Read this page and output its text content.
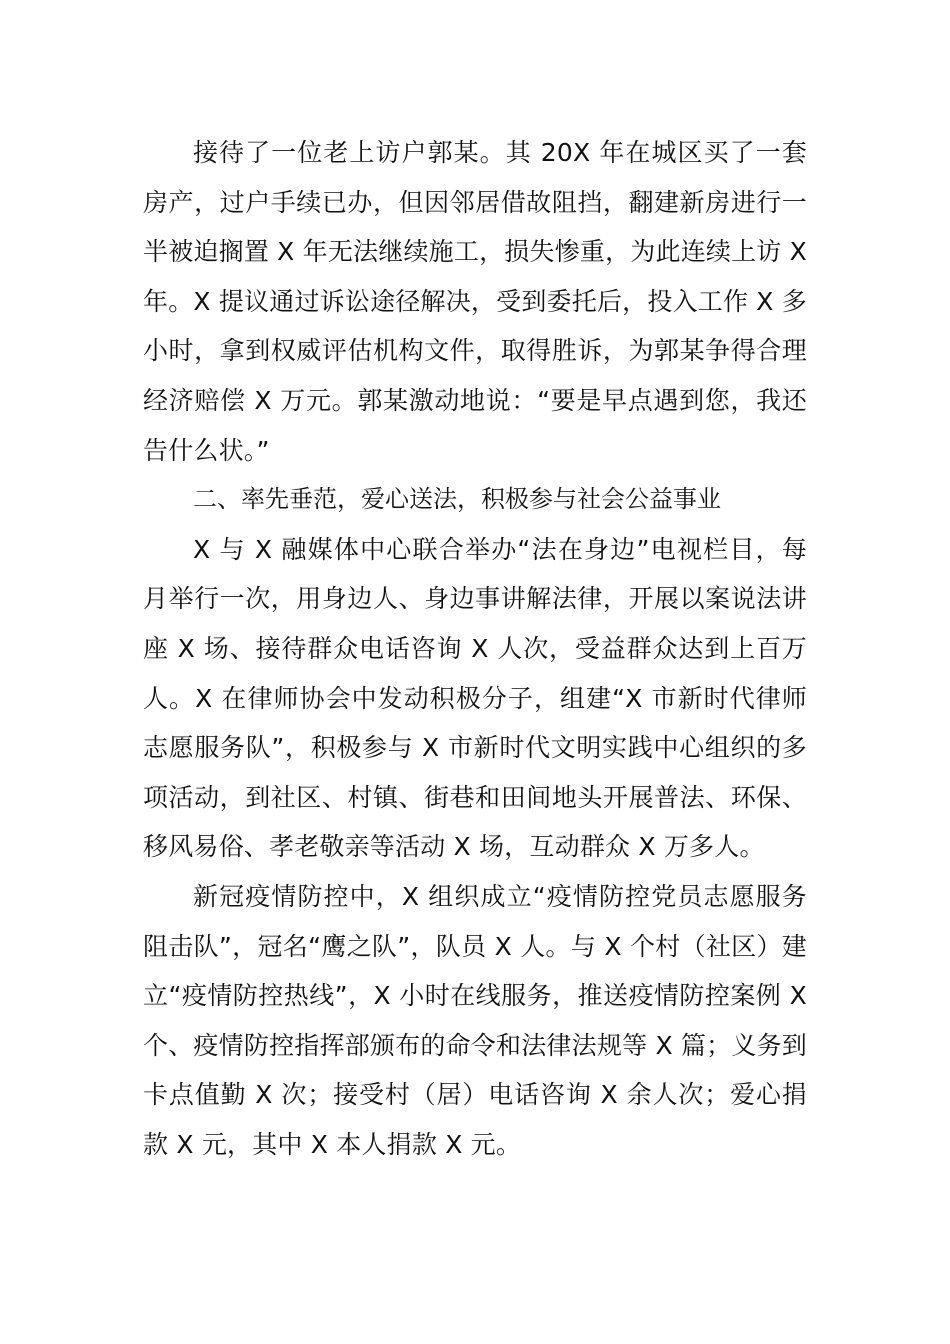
接待了一位老上访户郭某。其 20X 年在城区买了一套房产，过户手续已办，但因邻居借故阻挡，翻建新房进行一半被迫搁置 X 年无法继续施工，损失惨重，为此连续上访 X 年。X 提议通过诉讼途径解决，受到委托后，投入工作 X 多小时，拿到权威评估机构文件，取得胜诉，为郭某争得合理经济赔偿 X 万元。郭某激动地说：“要是早点遇到您，我还告什么状。”

二、率先垂范，爱心送法，积极参与社会公益事业

X 与 X 融媒体中心联合举办“法在身边”电视栏目，每月举行一次，用身边人、身边事讲解法律，开展以案说法讲座 X 场、接待群众电话咨询 X 人次，受益群众达到上百万人。X 在律师协会中发动积极分子，组建“X 市新时代律师志愿服务队”，积极参与 X 市新时代文明实践中心组织的多项活动，到社区、村镇、街巷和田间地头开展普法、环保、移风易俗、孝老敬亲等活动 X 场，互动群众 X 万多人。

新冠疫情防控中，X 组织成立“疫情防控党员志愿服务阻击队”，冠名“鹰之队”，队员 X 人。与 X 个村（社区）建立“疫情防控热线”，X 小时在线服务，推送疫情防控案例 X 个、疫情防控指挥部颁布的命令和法律法规等 X 篇；义务到卡点值勤 X 次；接受村（居）电话咨询 X 余人次；爱心捐款 X 元，其中 X 本人捐款 X 元。
